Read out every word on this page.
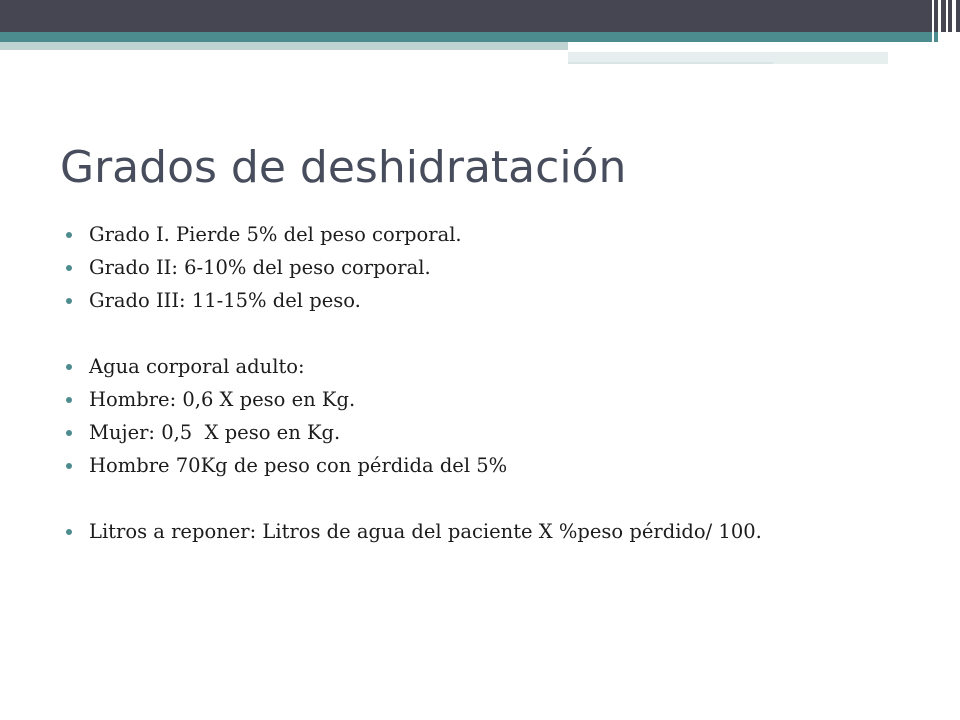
Grados de deshidratación
Grado I. Pierde 5% del peso corporal.
Grado II: 6-10% del peso corporal.
Grado III: 11-15% del peso.
Agua corporal adulto:
Hombre: 0,6 X peso en Kg.
Mujer: 0,5  X peso en Kg.
Hombre 70Kg de peso con pérdida del 5%
Litros a reponer: Litros de agua del paciente X %peso pérdido/ 100.
